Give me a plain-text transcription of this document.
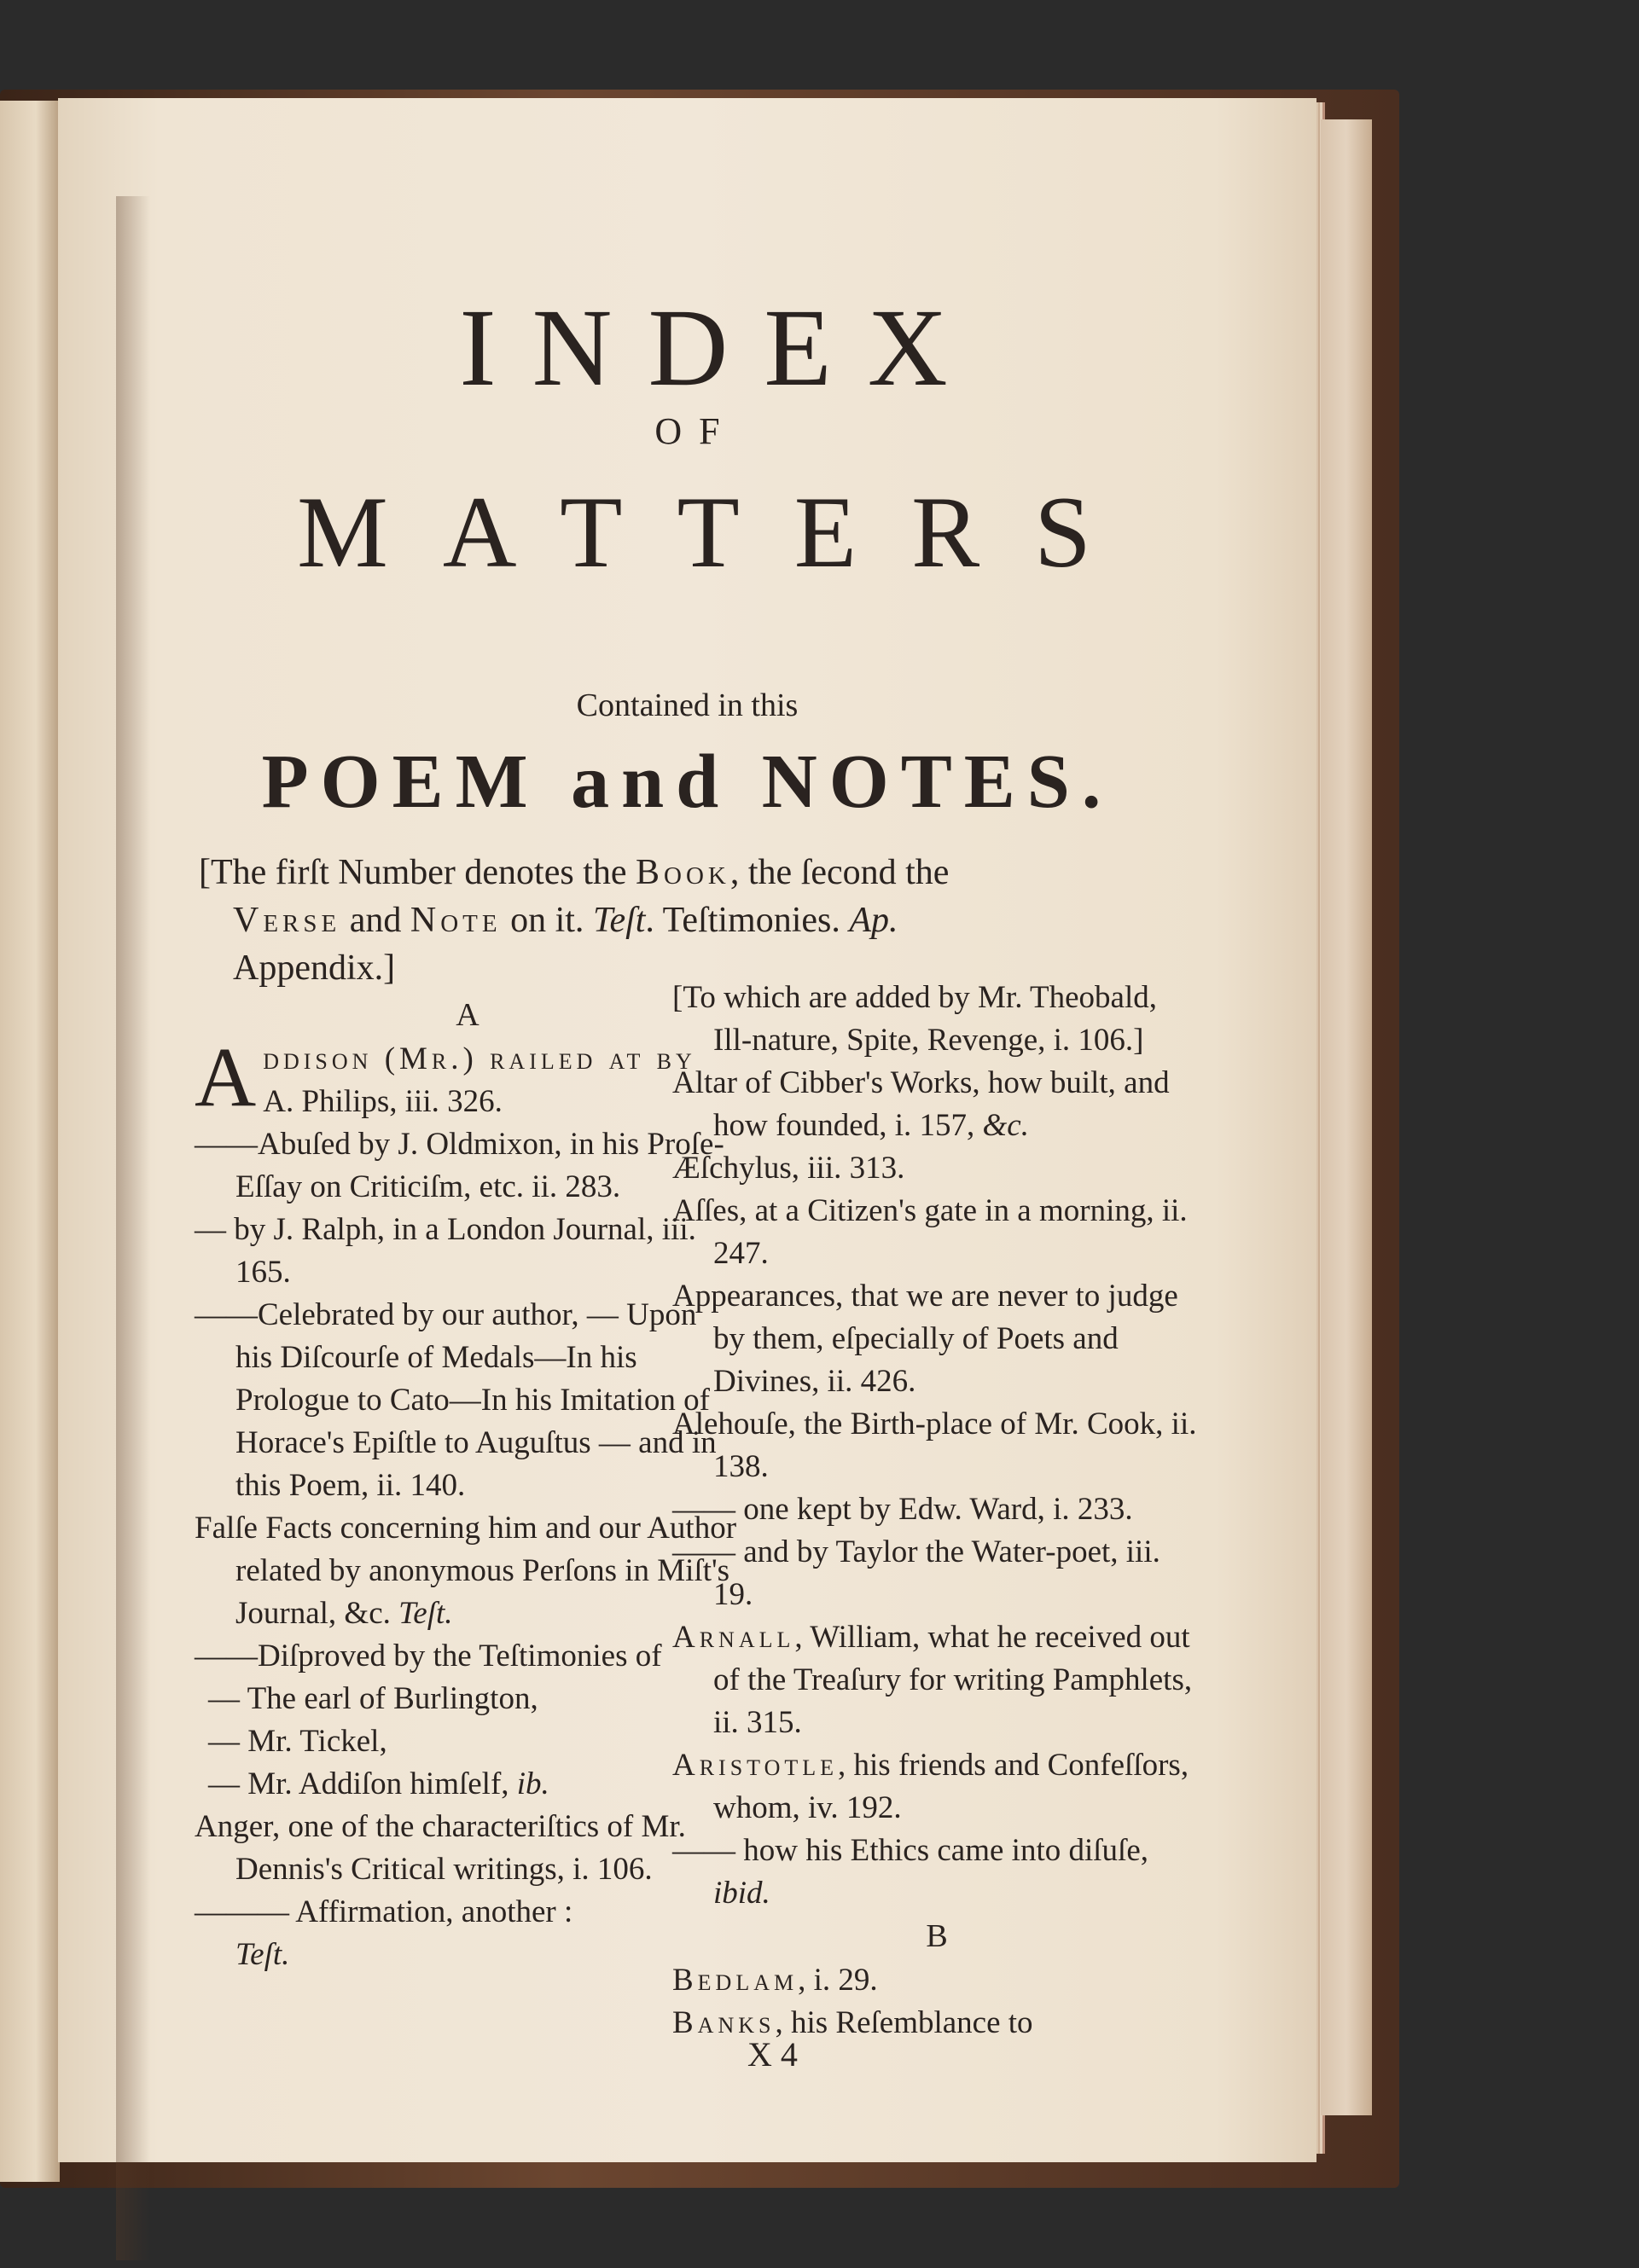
INDEX
OF
MATTERS
Contained in this
POEM and NOTES.
[The firſt Number denotes the Book, the ſecond the
Verse and Note on it. Teſt. Teſtimonies. Ap.
Appendix.]

A

Addison (Mr.) railed at by
A. Philips, iii. 326.

——Abuſed by J. Oldmixon, in his Proſe-Eſſay on Criticiſm, etc. ii. 283.

— by J. Ralph, in a London Journal, iii. 165.

——Celebrated by our author, — Upon his Diſcourſe of Medals—In his Prologue to Cato—In his Imitation of Horace's Epiſtle to Auguſtus — and in this Poem, ii. 140.

Falſe Facts concerning him and our Author related by anonymous Perſons in Miſt's Journal, &c. Teſt.

——Diſproved by the Teſtimonies of

— The earl of Burlington,

— Mr. Tickel,

— Mr. Addiſon himſelf, ib.

Anger, one of the characteriſtics of Mr. Dennis's Critical writings, i. 106.

——— Affirmation, another :
Teſt.

[To which are added by Mr. Theobald, Ill-nature, Spite, Revenge, i. 106.]

Altar of Cibber's Works, how built, and how founded, i. 157, &c.

Æſchylus, iii. 313.

Aſſes, at a Citizen's gate in a morning, ii. 247.

Appearances, that we are never to judge by them, eſpecially of Poets and Divines, ii. 426.

Alehouſe, the Birth-place of Mr. Cook, ii. 138.

—— one kept by Edw. Ward, i. 233.

—— and by Taylor the Water-poet, iii. 19.

Arnall, William, what he received out of the Treaſury for writing Pamphlets, ii. 315.

Aristotle, his friends and Confeſſors, whom, iv. 192.

—— how his Ethics came into diſuſe, ibid.

B

Bedlam, i. 29.

Banks, his Reſemblance to

X 4
